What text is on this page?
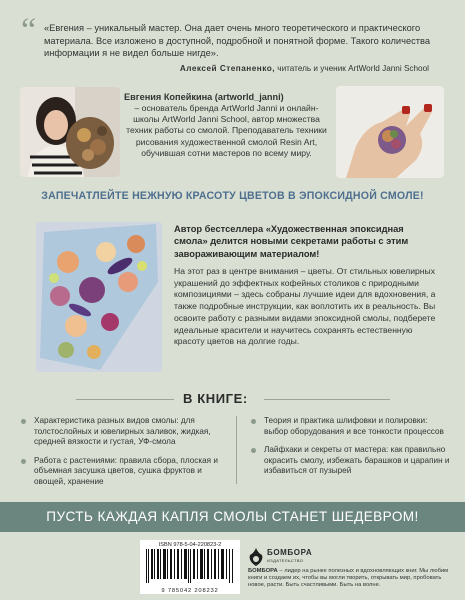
“ «Евгения – уникальный мастер. Она дает очень много теоретического и практического материала. Все изложено в доступной, подробной и понятной форме. Такого количества информации я не видел больше нигде».
Алексей Степаненко, читатель и ученик ArtWorld Janni School
Евгения Копейкина (artworld_janni)
– основатель бренда ArtWorld Janni и онлайн-школы ArtWorld Janni School, автор множества техник работы со смолой. Преподаватель техники рисования художественной смолой Resin Art, обучившая сотни мастеров по всему миру.
ЗАПЕЧАТЛЕЙТЕ НЕЖНУЮ КРАСОТУ ЦВЕТОВ В ЭПОКСИДНОЙ СМОЛЕ!
Автор бестселлера «Художественная эпоксидная смола» делится новыми секретами работы с этим завораживающим материалом!
На этот раз в центре внимания – цветы. От стильных ювелирных украшений до эффектных кофейных столиков с природными композициями – здесь собраны лучшие идеи для вдохновения, а также подробные инструкции, как воплотить их в реальность. Вы освоите работу с разными видами эпоксидной смолы, подберете идеальные красители и научитесь сохранять естественную красоту цветов на долгие годы.
В КНИГЕ:
Характеристика разных видов смолы: для толстослойных и ювелирных заливок, жидкая, средней вязкости и густая, УФ-смола
Работа с растениями: правила сбора, плоская и объемная засушка цветов, сушка фруктов и овощей, хранение
Теория и практика шлифовки и полировки: выбор оборудования и все тонкости процессов
Лайфхаки и секреты от мастера: как правильно окрасить смолу, избежать барашков и царапин и избавиться от пузырей
ПУСТЬ КАЖДАЯ КАПЛЯ СМОЛЫ СТАНЕТ ШЕДЕВРОМ!
ISBN 978-5-04-220823-2
9 785042 208232
БОМБОРА
ИЗДАТЕЛЬСТВО
БОМБОРА – лидер на рынке полезных и вдохновляющих книг. Мы любим книги и создаем их, чтобы вы могли творить, открывать мир, пробовать новое, расти. Быть счастливыми. Быть на волне.
